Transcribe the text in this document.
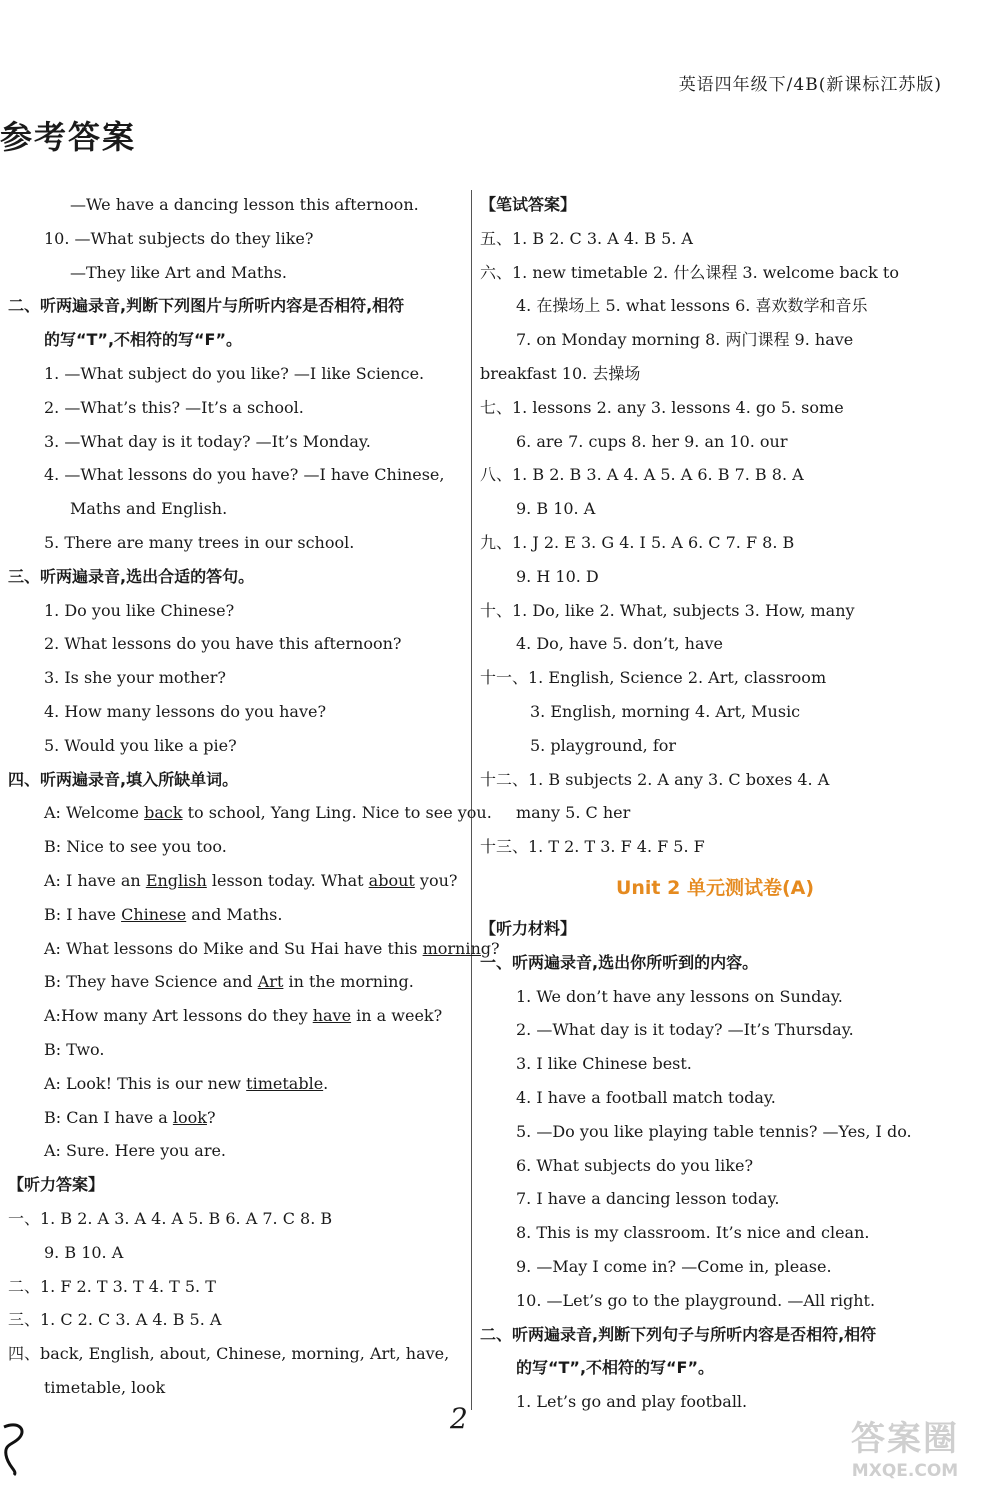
英语四年级下/4B(新课标江苏版)
参考答案
—We have a dancing lesson this afternoon.
10. —What subjects do they like?
—They like Art and Maths.
二、听两遍录音,判断下列图片与所听内容是否相符,相符
的写“T”,不相符的写“F”。
1. —What subject do you like? —I like Science.
2. —What’s this? —It’s a school.
3. —What day is it today? —It’s Monday.
4. —What lessons do you have? —I have Chinese,
Maths and English.
5. There are many trees in our school.
三、听两遍录音,选出合适的答句。
1. Do you like Chinese?
2. What lessons do you have this afternoon?
3. Is she your mother?
4. How many lessons do you have?
5. Would you like a pie?
四、听两遍录音,填入所缺单词。
A: Welcome back to school, Yang Ling. Nice to see you.
B: Nice to see you too.
A: I have an English lesson today. What about you?
B: I have Chinese and Maths.
A: What lessons do Mike and Su Hai have this morning?
B: They have Science and Art in the morning.
A:How many Art lessons do they have in a week?
B: Two.
A: Look! This is our new timetable.
B: Can I have a look?
A: Sure. Here you are.
【听力答案】
一、1. B 2. A 3. A 4. A 5. B 6. A 7. C 8. B
9. B 10. A
二、1. F 2. T 3. T 4. T 5. T
三、1. C 2. C 3. A 4. B 5. A
四、back, English, about, Chinese, morning, Art, have,
timetable, look
【笔试答案】
五、1. B 2. C 3. A 4. B 5. A
六、1. new timetable 2. 什么课程 3. welcome back to
4. 在操场上 5. what lessons 6. 喜欢数学和音乐
7. on Monday morning 8. 两门课程 9. have
breakfast 10. 去操场
七、1. lessons 2. any 3. lessons 4. go 5. some
6. are 7. cups 8. her 9. an 10. our
八、1. B 2. B 3. A 4. A 5. A 6. B 7. B 8. A
9. B 10. A
九、1. J 2. E 3. G 4. I 5. A 6. C 7. F 8. B
9. H 10. D
十、1. Do, like 2. What, subjects 3. How, many
4. Do, have 5. don’t, have
十一、1. English, Science 2. Art, classroom
3. English, morning 4. Art, Music
5. playground, for
十二、1. B subjects 2. A any 3. C boxes 4. A
many 5. C her
十三、1. T 2. T 3. F 4. F 5. F
Unit 2 单元测试卷(A)
【听力材料】
一、听两遍录音,选出你所听到的内容。
1. We don’t have any lessons on Sunday.
2. —What day is it today? —It’s Thursday.
3. I like Chinese best.
4. I have a football match today.
5. —Do you like playing table tennis? —Yes, I do.
6. What subjects do you like?
7. I have a dancing lesson today.
8. This is my classroom. It’s nice and clean.
9. —May I come in? —Come in, please.
10. —Let’s go to the playground. —All right.
二、听两遍录音,判断下列句子与所听内容是否相符,相符
的写“T”,不相符的写“F”。
1. Let’s go and play football.
2
答案圈
MXQE.COM
